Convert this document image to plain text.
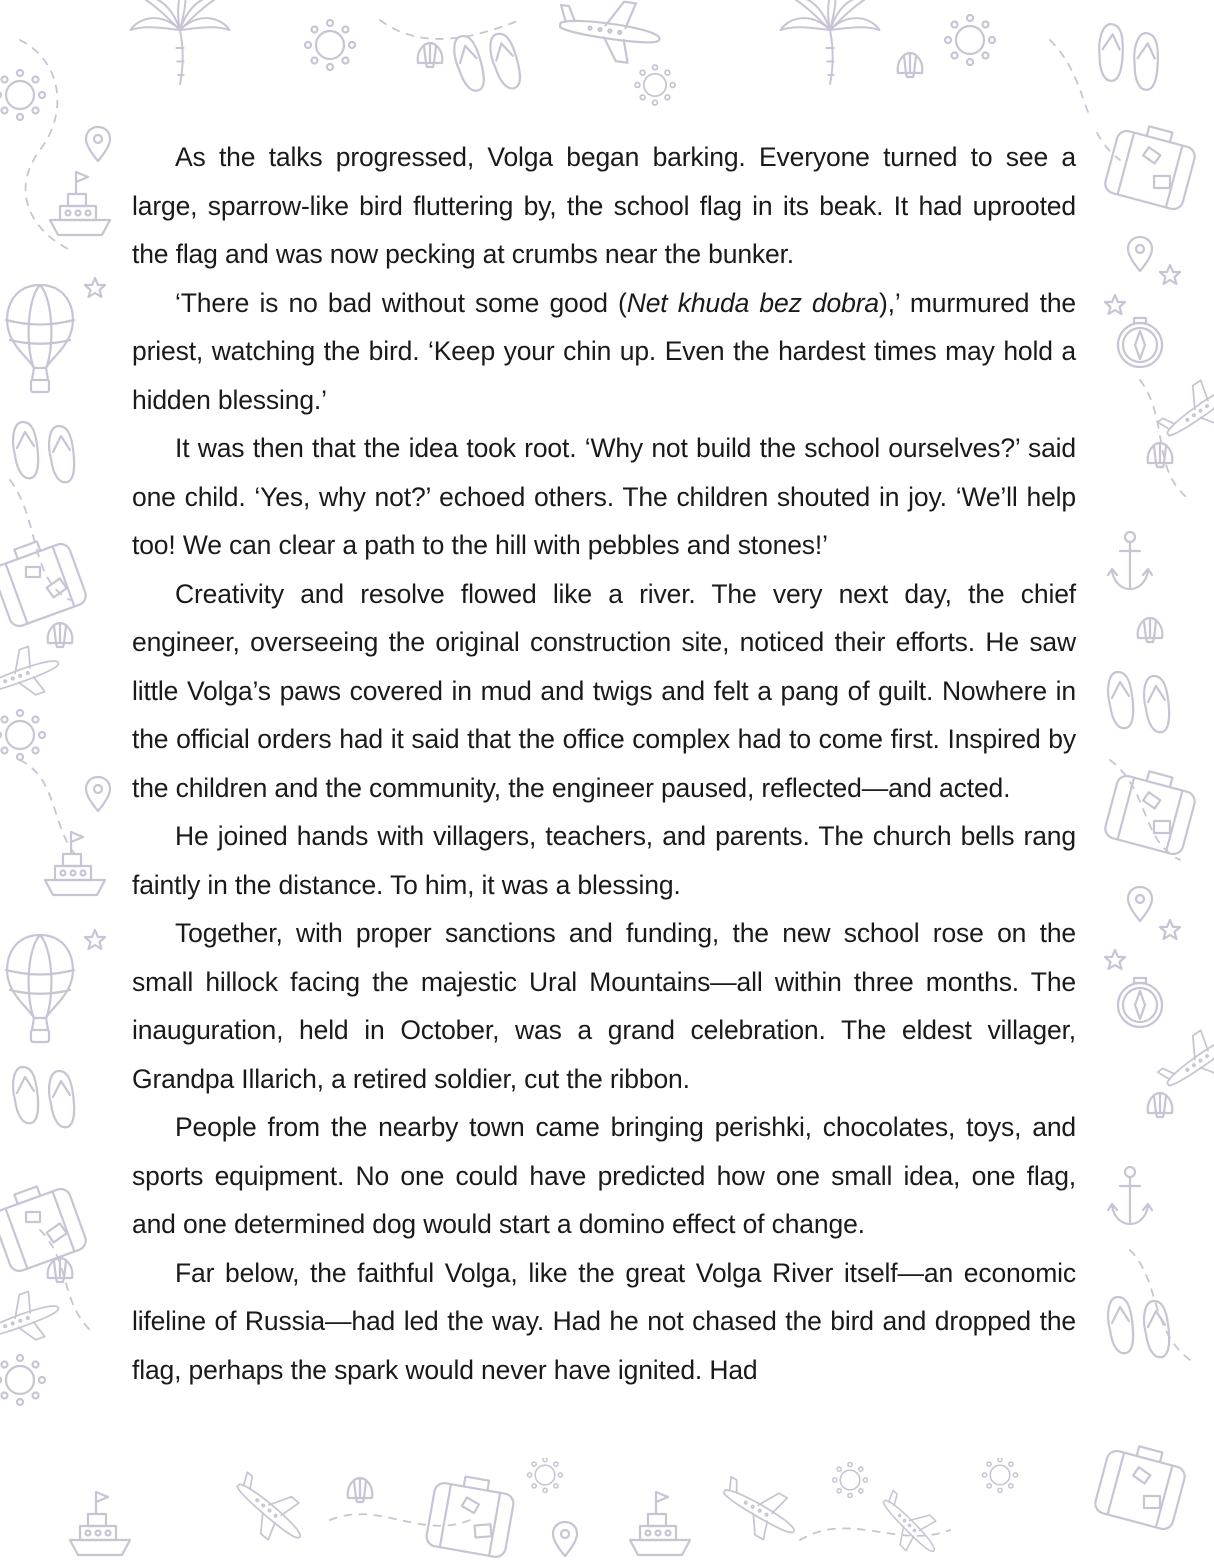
As the talks progressed, Volga began barking. Everyone turned to see a large, sparrow-like bird fluttering by, the school flag in its beak. It had uprooted the flag and was now pecking at crumbs near the bunker.

‘There is no bad without some good (Net khuda bez dobra),’ murmured the priest, watching the bird. ‘Keep your chin up. Even the hardest times may hold a hidden blessing.’

It was then that the idea took root. ‘Why not build the school ourselves?’ said one child. ‘Yes, why not?’ echoed others. The children shouted in joy. ‘We’ll help too! We can clear a path to the hill with pebbles and stones!’

Creativity and resolve flowed like a river. The very next day, the chief engineer, overseeing the original construction site, noticed their efforts. He saw little Volga’s paws covered in mud and twigs and felt a pang of guilt. Nowhere in the official orders had it said that the office complex had to come first. Inspired by the children and the community, the engineer paused, reflected—and acted.

He joined hands with villagers, teachers, and parents. The church bells rang faintly in the distance. To him, it was a blessing.

Together, with proper sanctions and funding, the new school rose on the small hillock facing the majestic Ural Mountains—all within three months. The inauguration, held in October, was a grand celebration. The eldest villager, Grandpa Illarich, a retired soldier, cut the ribbon.

People from the nearby town came bringing perishki, chocolates, toys, and sports equipment. No one could have predicted how one small idea, one flag, and one determined dog would start a domino effect of change.

Far below, the faithful Volga, like the great Volga River itself—an economic lifeline of Russia—had led the way. Had he not chased the bird and dropped the flag, perhaps the spark would never have ignited. Had
